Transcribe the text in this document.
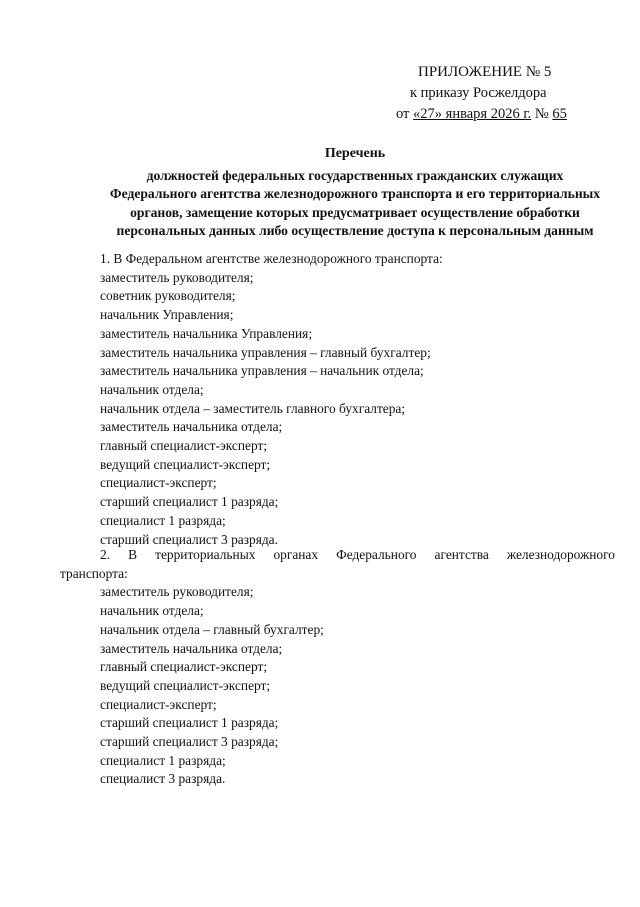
ПРИЛОЖЕНИЕ № 5
к приказу Росжелдора
от «27» января 2026 г. № 65
Перечень
должностей федеральных государственных гражданских служащих
Федерального агентства железнодорожного транспорта и его территориальных
органов, замещение которых предусматривает осуществление обработки
персональных данных либо осуществление доступа к персональным данным
1. В Федеральном агентстве железнодорожного транспорта:
заместитель руководителя;
советник руководителя;
начальник Управления;
заместитель начальника Управления;
заместитель начальника управления – главный бухгалтер;
заместитель начальника управления – начальник отдела;
начальник отдела;
начальник отдела – заместитель главного бухгалтера;
заместитель начальника отдела;
главный специалист-эксперт;
ведущий специалист-эксперт;
специалист-эксперт;
старший специалист 1 разряда;
специалист 1 разряда;
старший специалист 3 разряда.
2. В территориальных органах Федерального агентства железнодорожного
транспорта:
заместитель руководителя;
начальник отдела;
начальник отдела – главный бухгалтер;
заместитель начальника отдела;
главный специалист-эксперт;
ведущий специалист-эксперт;
специалист-эксперт;
старший специалист 1 разряда;
старший специалист 3 разряда;
специалист 1 разряда;
специалист 3 разряда.
